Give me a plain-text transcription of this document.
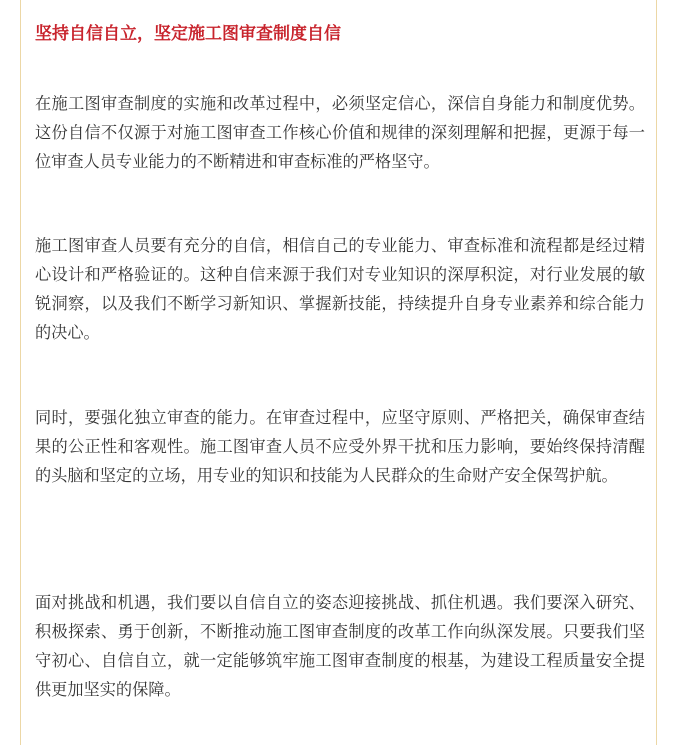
坚持自信自立，坚定施工图审查制度自信

在施工图审查制度的实施和改革过程中，必须坚定信心，深信自身能力和制度优势。这份自信不仅源于对施工图审查工作核心价值和规律的深刻理解和把握，更源于每一位审查人员专业能力的不断精进和审查标准的严格坚守。

施工图审查人员要有充分的自信，相信自己的专业能力、审查标准和流程都是经过精心设计和严格验证的。这种自信来源于我们对专业知识的深厚积淀，对行业发展的敏锐洞察，以及我们不断学习新知识、掌握新技能，持续提升自身专业素养和综合能力的决心。

同时，要强化独立审查的能力。在审查过程中，应坚守原则、严格把关，确保审查结果的公正性和客观性。施工图审查人员不应受外界干扰和压力影响，要始终保持清醒的头脑和坚定的立场，用专业的知识和技能为人民群众的生命财产安全保驾护航。

面对挑战和机遇，我们要以自信自立的姿态迎接挑战、抓住机遇。我们要深入研究、积极探索、勇于创新，不断推动施工图审查制度的改革工作向纵深发展。只要我们坚守初心、自信自立，就一定能够筑牢施工图审查制度的根基，为建设工程质量安全提供更加坚实的保障。
